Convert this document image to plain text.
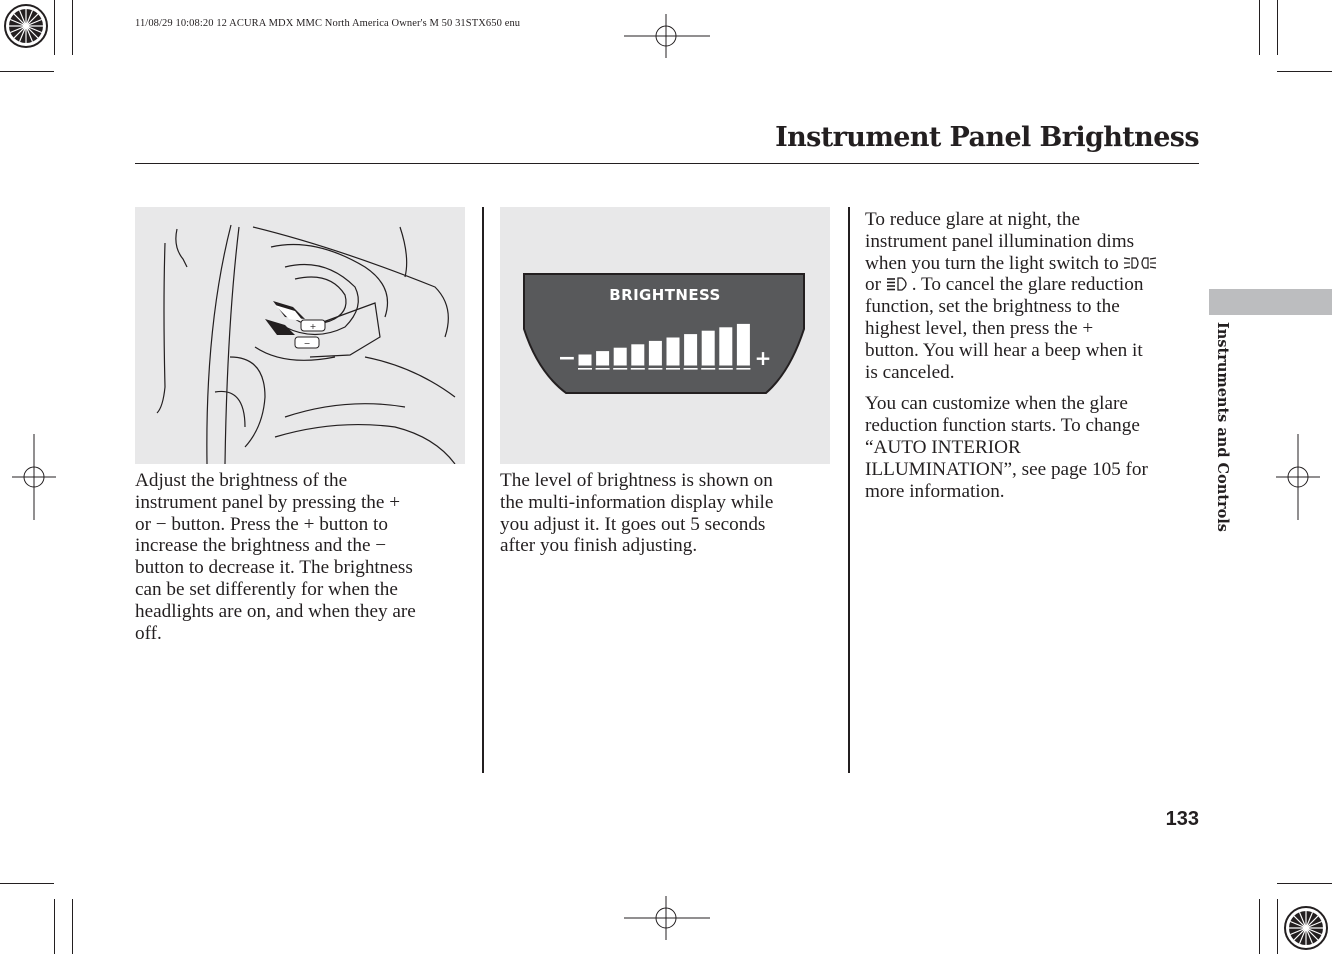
11/08/29 10:08:20 12 ACURA MDX MMC North America Owner's M 50 31STX650 enu
Instrument Panel Brightness
+
−
−	+
BRIGHTNESS

Adjust the brightness of the

instrument panel by pressing the +

or − button. Press the + button to

increase the brightness and the −

button to decrease it. The brightness

can be set differently for when the

headlights are on, and when they are

off.

The level of brightness is shown on

the multi-information display while

you adjust it. It goes out 5 seconds

after you finish adjusting.

To reduce glare at night, the

instrument panel illumination dims

when you turn the light switch to

or . To cancel the glare reduction

function, set the brightness to the

highest level, then press the +

button. You will hear a beep when it

is canceled.

You can customize when the glare

reduction function starts. To change

“AUTO INTERIOR

ILLUMINATION”, see page 105 for

more information.	Instruments and Controls
133
